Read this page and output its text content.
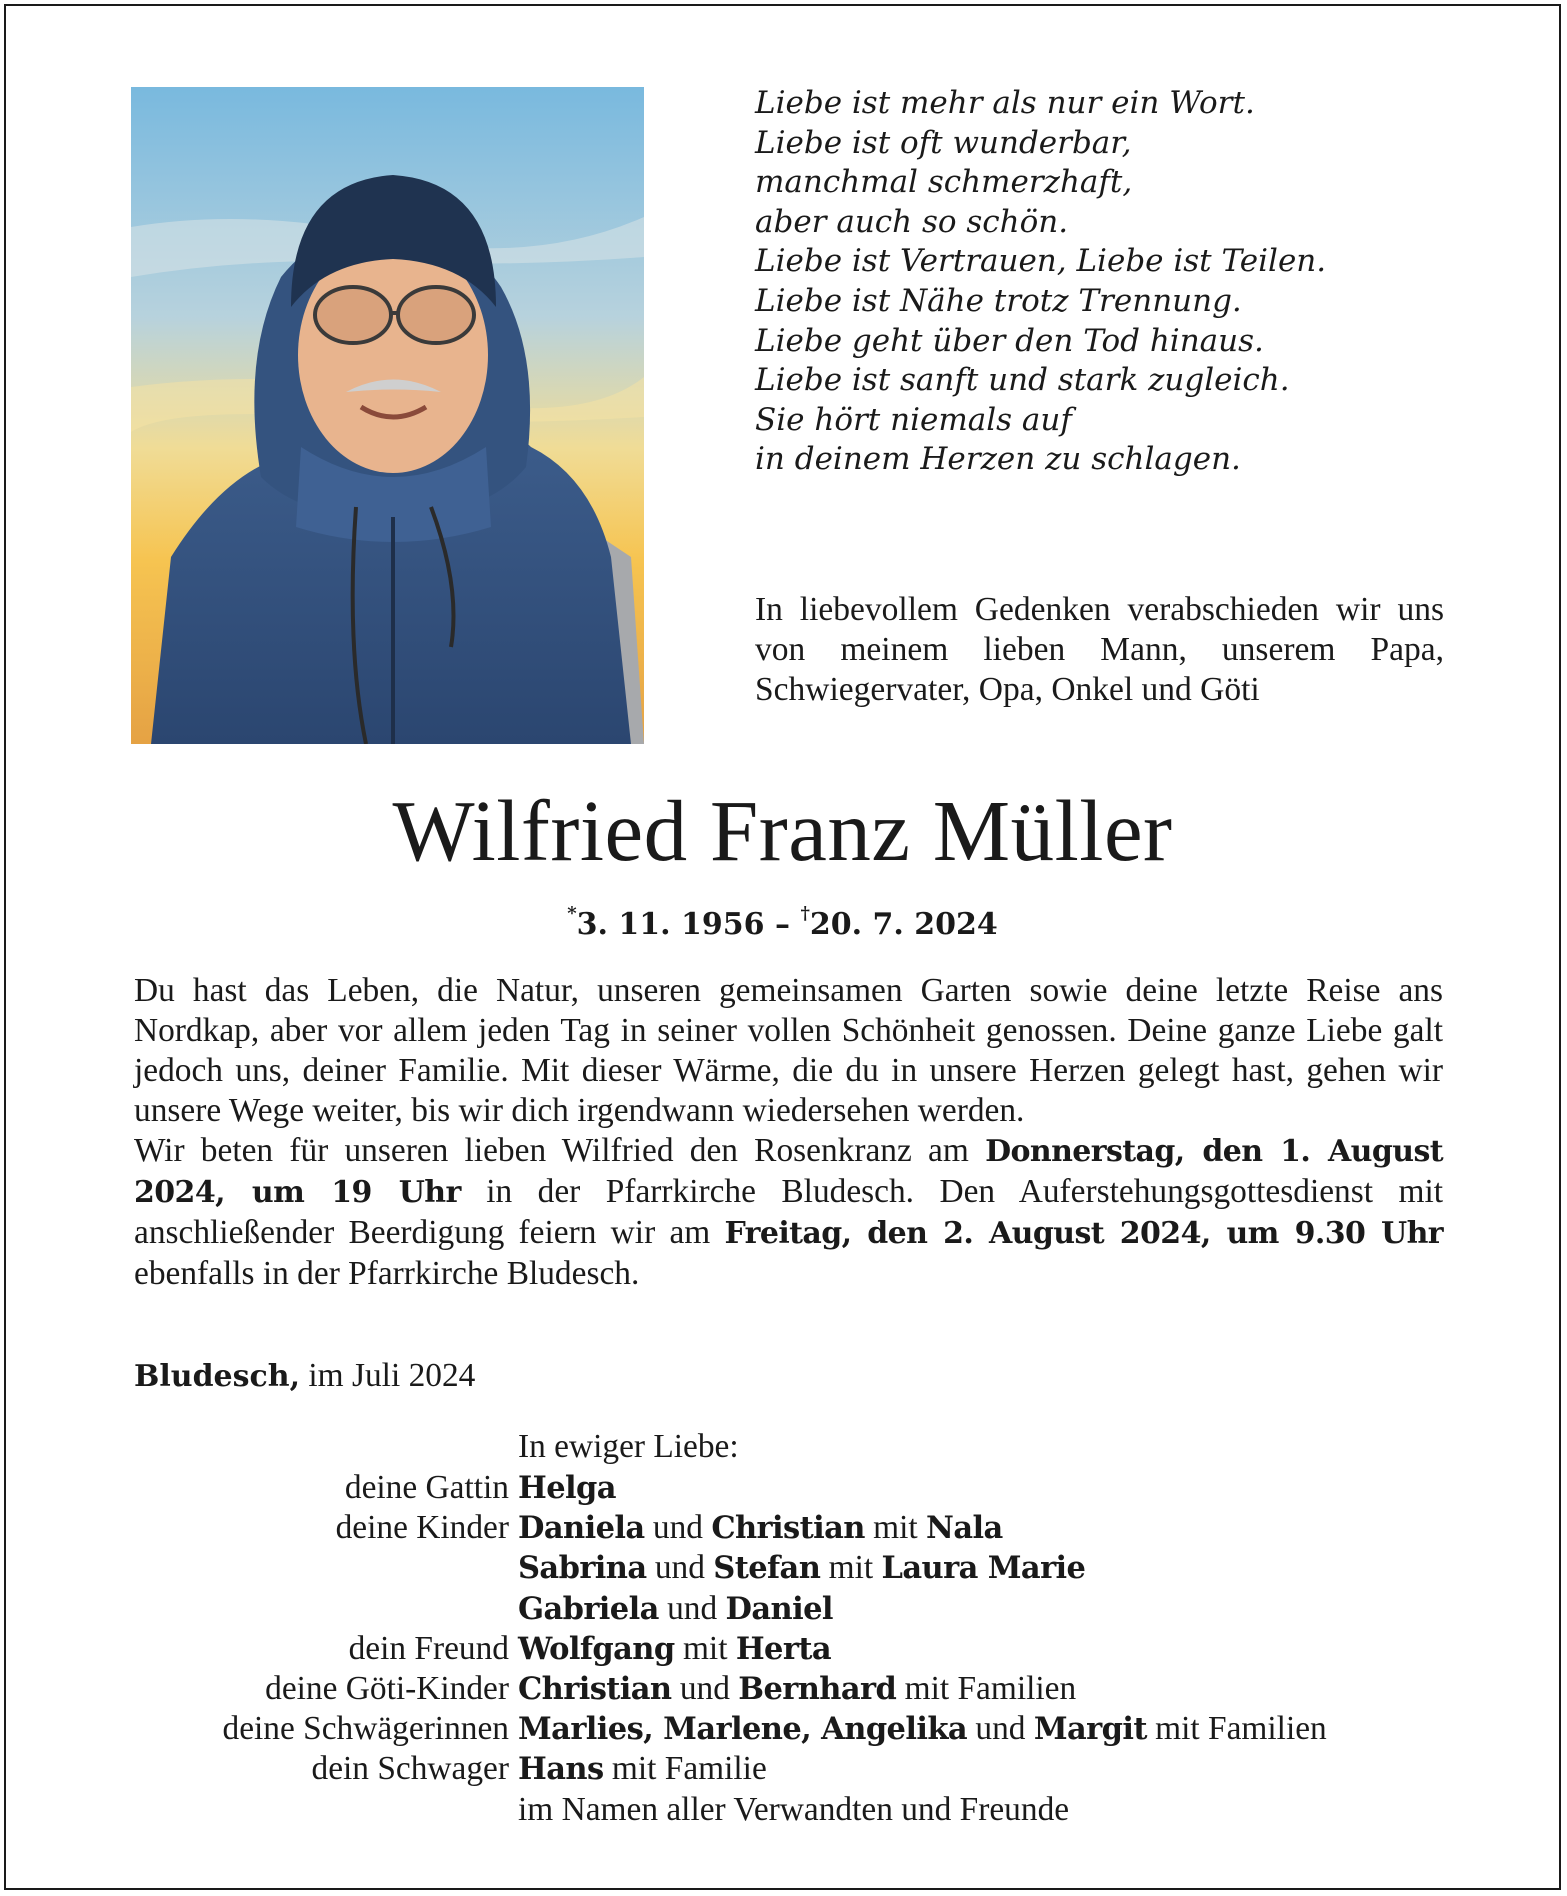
Liebe ist mehr als nur ein Wort.
Liebe ist oft wunderbar,
manchmal schmerzhaft,
aber auch so schön.
Liebe ist Vertrauen, Liebe ist Teilen.
Liebe ist Nähe trotz Trennung.
Liebe geht über den Tod hinaus.
Liebe ist sanft und stark zugleich.
Sie hört niemals auf
in deinem Herzen zu schlagen.
In liebevollem Gedenken verabschieden wir uns von meinem lieben Mann, unserem Papa, Schwiegervater, Opa, Onkel und Göti
Wilfried Franz Müller
*3. 11. 1956 – †20. 7. 2024

Du hast das Leben, die Natur, unseren gemeinsamen Garten sowie deine letzte Reise ans Nordkap, aber vor allem jeden Tag in seiner vollen Schönheit genossen. Deine ganze Liebe galt jedoch uns, deiner Familie. Mit dieser Wärme, die du in unsere Herzen gelegt hast, gehen wir unsere Wege weiter, bis wir dich irgendwann wiedersehen werden.

Wir beten für unseren lieben Wilfried den Rosenkranz am Donnerstag, den 1. August 2024, um 19 Uhr in der Pfarrkirche Bludesch. Den Auferstehungsgottesdienst mit anschließender Beerdigung feiern wir am Freitag, den 2. August 2024, um 9.30 Uhr ebenfalls in der Pfarrkirche Bludesch.

Bludesch, im Juli 2024
In ewiger Liebe:
deine Gattin Helga
deine Kinder Daniela und Christian mit Nala
Sabrina und Stefan mit Laura Marie
Gabriela und Daniel
dein Freund Wolfgang mit Herta
deine Göti-Kinder Christian und Bernhard mit Familien
deine Schwägerinnen Marlies, Marlene, Angelika und Margit mit Familien
dein Schwager Hans mit Familie
im Namen aller Verwandten und Freunde
